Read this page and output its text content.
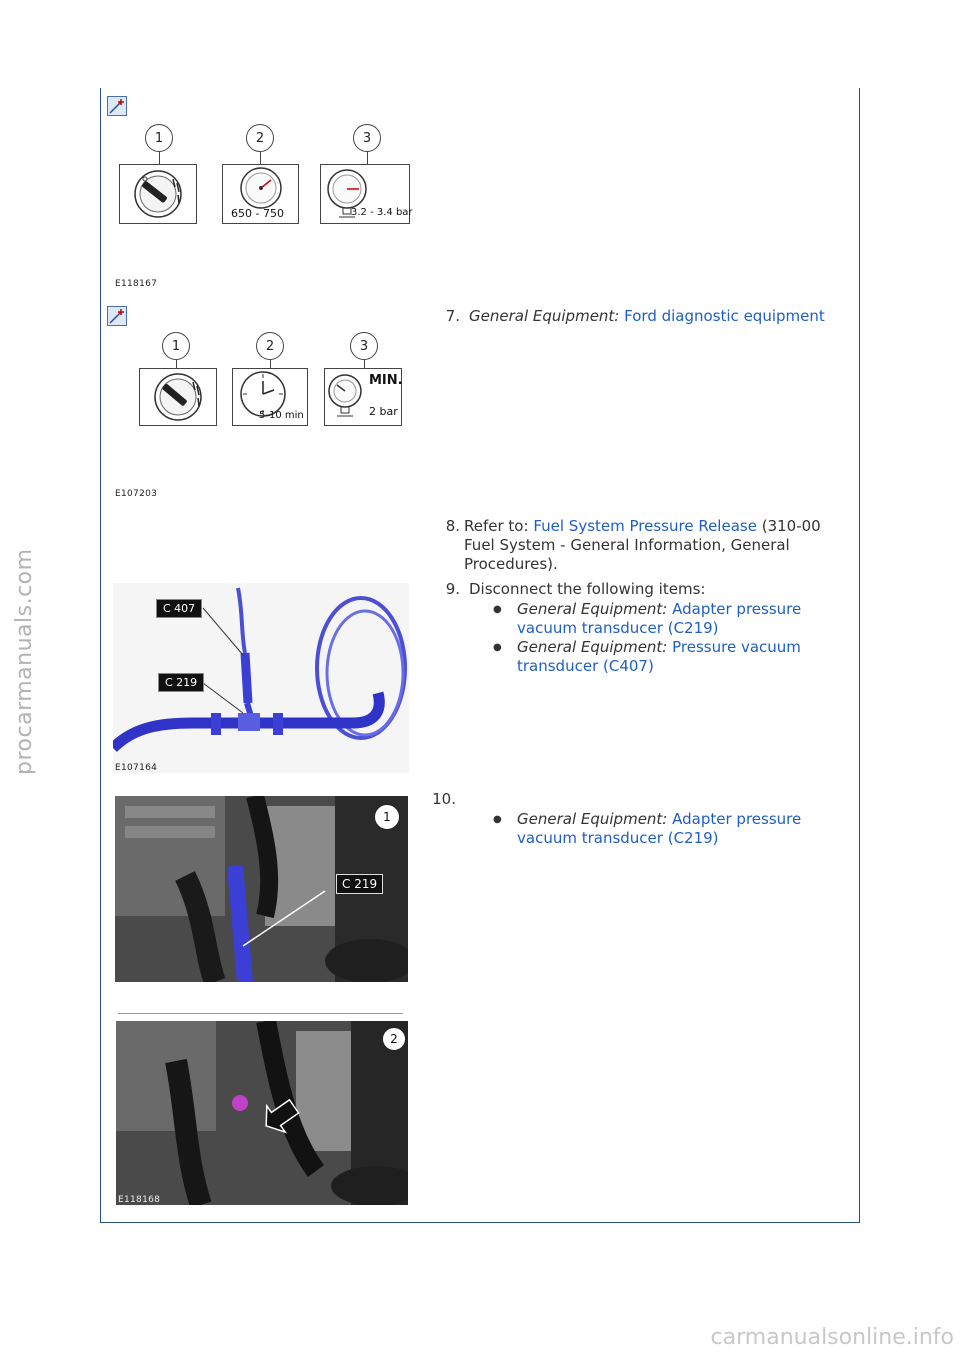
1	2	3
650 - 750	3.2 - 3.4 bar
E118167
1	2	3
5-10 min
MIN.
2 bar
E107203
7. General Equipment: Ford diagnostic equipment
8. Refer to: Fuel System Pressure Release (310-00
Fuel System - General Information, General
Procedures).
9. Disconnect the following items:
● General Equipment: Adapter pressure
vacuum transducer (C219)
● General Equipment: Pressure vacuum
transducer (C407)
C 407
C 219
E107164
10.
● General Equipment: Adapter pressure
vacuum transducer (C219)
1
C 219
2
E118168
procarmanuals.com
carmanualsonline.info
